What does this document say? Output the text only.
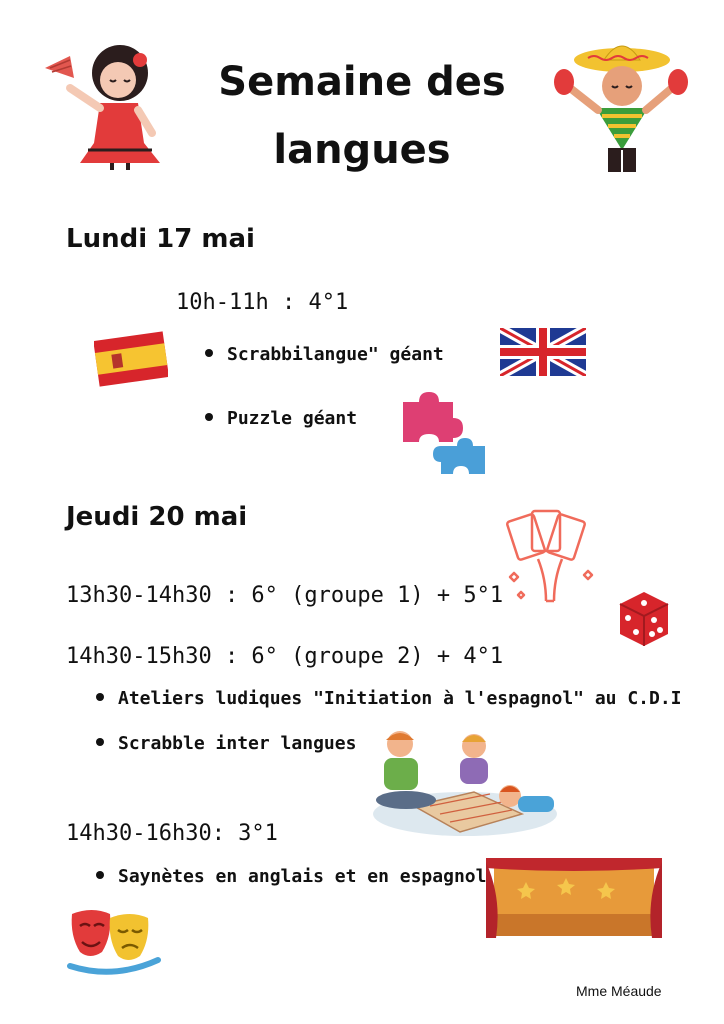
Semaine des
langues
Lundi 17 mai
10h-11h : 4°1
Scrabbilangue" géant
Puzzle géant
Jeudi 20 mai
13h30-14h30 : 6° (groupe 1) + 5°1
14h30-15h30 : 6° (groupe 2) + 4°1
Ateliers ludiques "Initiation à l'espagnol" au C.D.I
Scrabble inter langues
14h30-16h30: 3°1
Saynètes en anglais et en espagnol
Mme Méaude
